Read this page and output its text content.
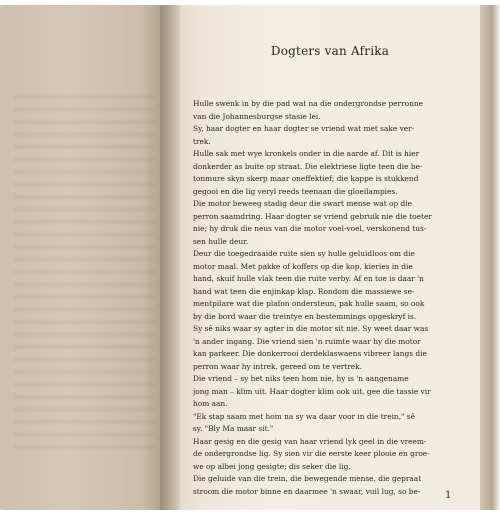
Dogters van Afrika
Hulle swenk in by die pad wat na die ondergrondse perronne
van die Johannesburgse stasie lei.
Sy, haar dogter en haar dogter se vriend wat met sake ver-
trek.
Hulle sak met wye kronkels onder in die aarde af. Dit is hier
donkerder as buite op straat. Die elektriese ligte teen die be-
tonmure skyn skerp maar oneffektief; die kappe is stukkend
gegooi en die lig veryl reeds teenaan die gloeilampies.
Die motor beweeg stadig deur die swart mense wat op die
perron saamdring. Haar dogter se vriend gebruik nie die toeter
nie; hy druk die neus van die motor voel-voel, verskonend tus-
sen hulle deur.
Deur die toegedraaide ruite sien sy hulle geluidloos om die
motor maal. Met pakke of koffers op die kop, kieries in die
hand, skuif hulle vlak teen die ruite verby. Af en toe is daar 'n
hand wat teen die enjinkap klap. Rondom die massiewe se-
mentpilare wat die plafon ondersteun, pak hulle saam, so ook
by die bord waar die treintye en bestemmings opgeskryf is.
Sy sê niks waar sy agter in die motor sit nie. Sy weet daar was
'n ander ingang. Die vriend sien 'n ruimte waar hy die motor
kan parkeer. Die donkerrooi derdeklaswaens vibreer langs die
perron waar hy intrek, gereed om te vertrek.
Die vriend – sy het niks teen hom nie, hy is 'n aangename
jong man – klim uit. Haar dogter klim ook uit, gee die tassie vir
hom aan.
"Ek stap saam met hom na sy wa daar voor in die trein," sê
sy. "Bly Ma maar sit."
Haar gesig en die gesig van haar vriend lyk geel in die vreem-
de ondergrondse lig. Sy sien vir die eerste keer plooie en groe-
we op albei jong gesigte; dis seker die lig.
Die geluide van die trein, die bewegende mense, die gepraat
stroom die motor binne en daarmee 'n swaar, vuil lug, so be-	1
